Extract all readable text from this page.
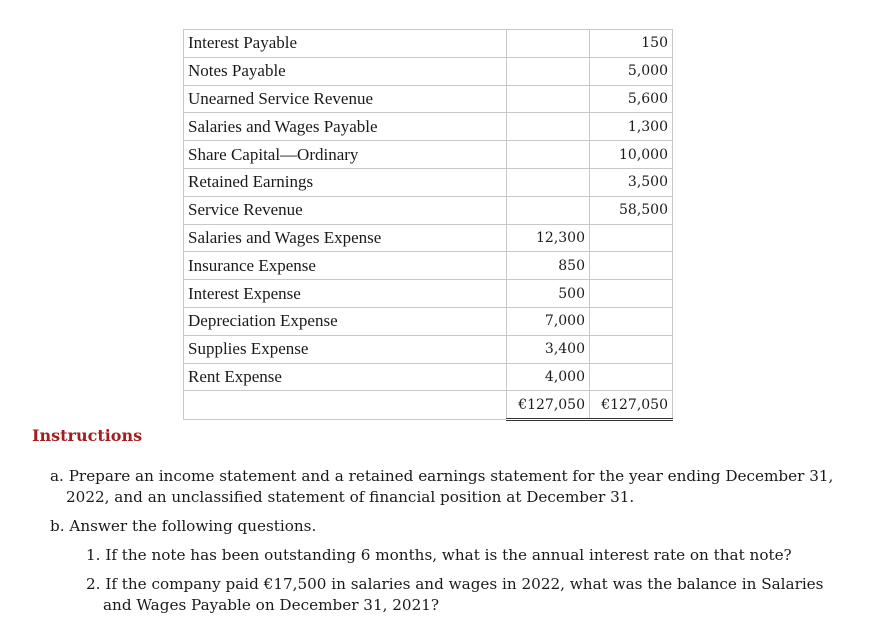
Interest Payable		150
Notes Payable		5,000
Unearned Service Revenue		5,600
Salaries and Wages Payable		1,300
Share Capital—Ordinary		10,000
Retained Earnings		3,500
Service Revenue		58,500
Salaries and Wages Expense	12,300	
Insurance Expense	850	
Interest Expense	500	
Depreciation Expense	7,000	
Supplies Expense	3,400	
Rent Expense	4,000	
	€127,050	€127,050
Instructions

a. Prepare an income statement and a retained earnings statement for the year ending December 31, 2022, and an unclassified statement of financial position at December 31.

b. Answer the following questions.

1. If the note has been outstanding 6 months, what is the annual interest rate on that note?

2. If the company paid €17,500 in salaries and wages in 2022, what was the balance in Salaries and Wages Payable on December 31, 2021?
